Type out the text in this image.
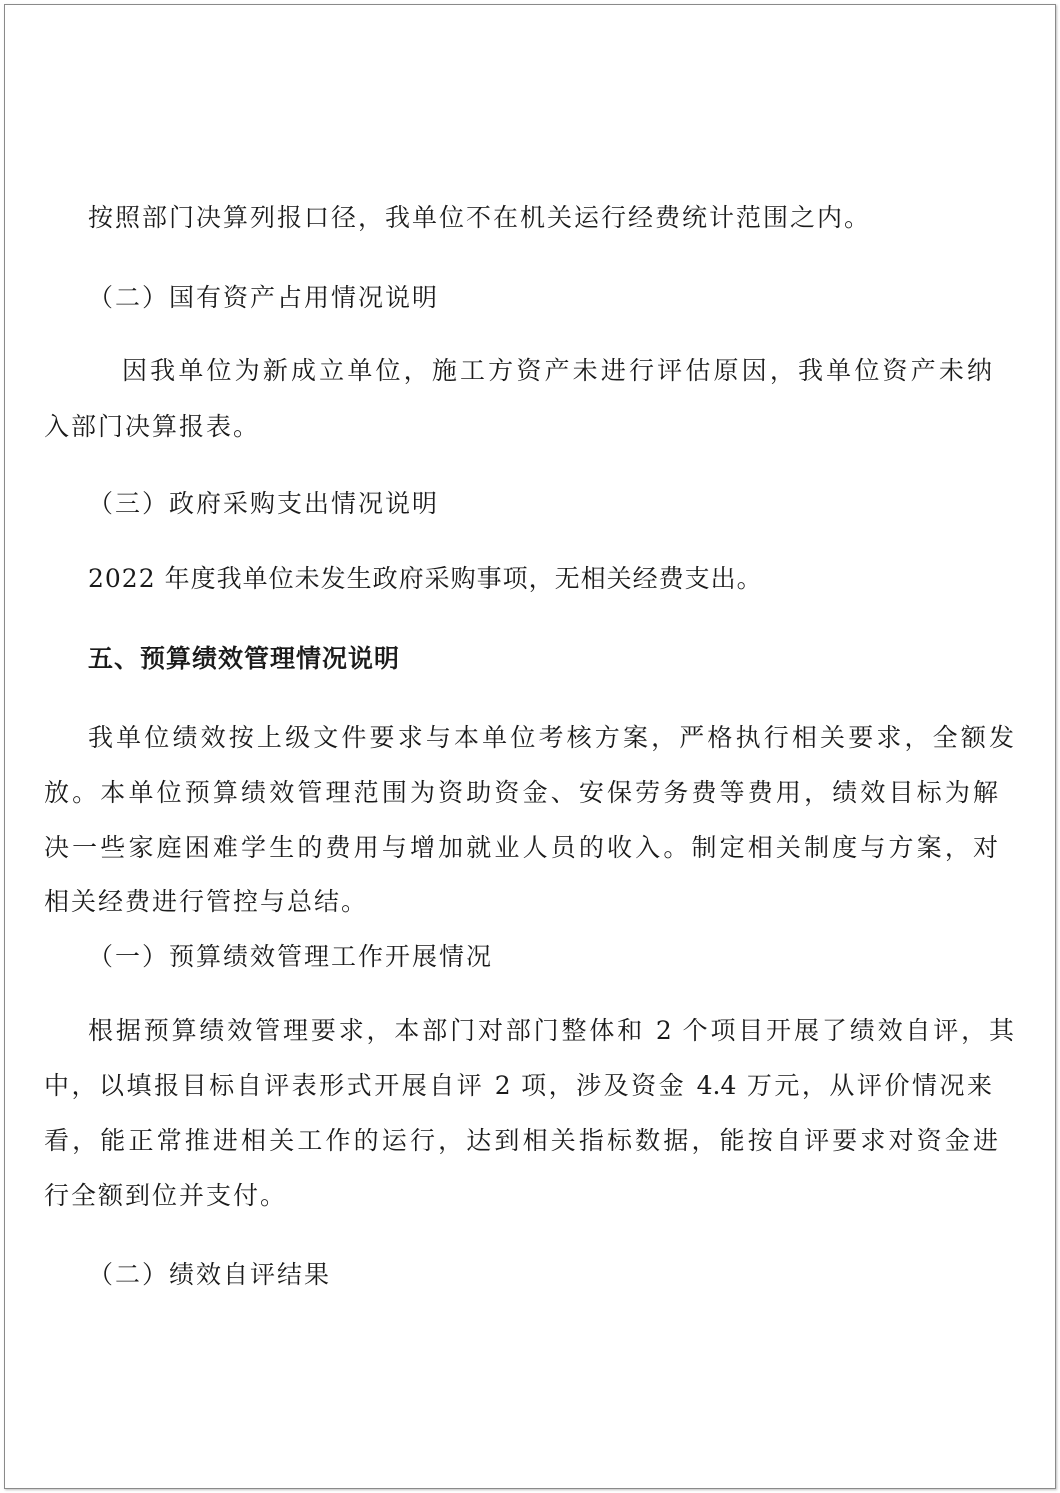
按照部门决算列报口径，我单位不在机关运行经费统计范围之内。
（二）国有资产占用情况说明
因我单位为新成立单位，施工方资产未进行评估原因，我单位资产未纳
入部门决算报表。
（三）政府采购支出情况说明
2022 年度我单位未发生政府采购事项，无相关经费支出。
五、预算绩效管理情况说明
我单位绩效按上级文件要求与本单位考核方案，严格执行相关要求，全额发
放。本单位预算绩效管理范围为资助资金、安保劳务费等费用，绩效目标为解
决一些家庭困难学生的费用与增加就业人员的收入。制定相关制度与方案，对
相关经费进行管控与总结。
（一）预算绩效管理工作开展情况
根据预算绩效管理要求，本部门对部门整体和 2 个项目开展了绩效自评，其
中，以填报目标自评表形式开展自评 2 项，涉及资金 4.4 万元，从评价情况来
看，能正常推进相关工作的运行，达到相关指标数据，能按自评要求对资金进
行全额到位并支付。
（二）绩效自评结果
